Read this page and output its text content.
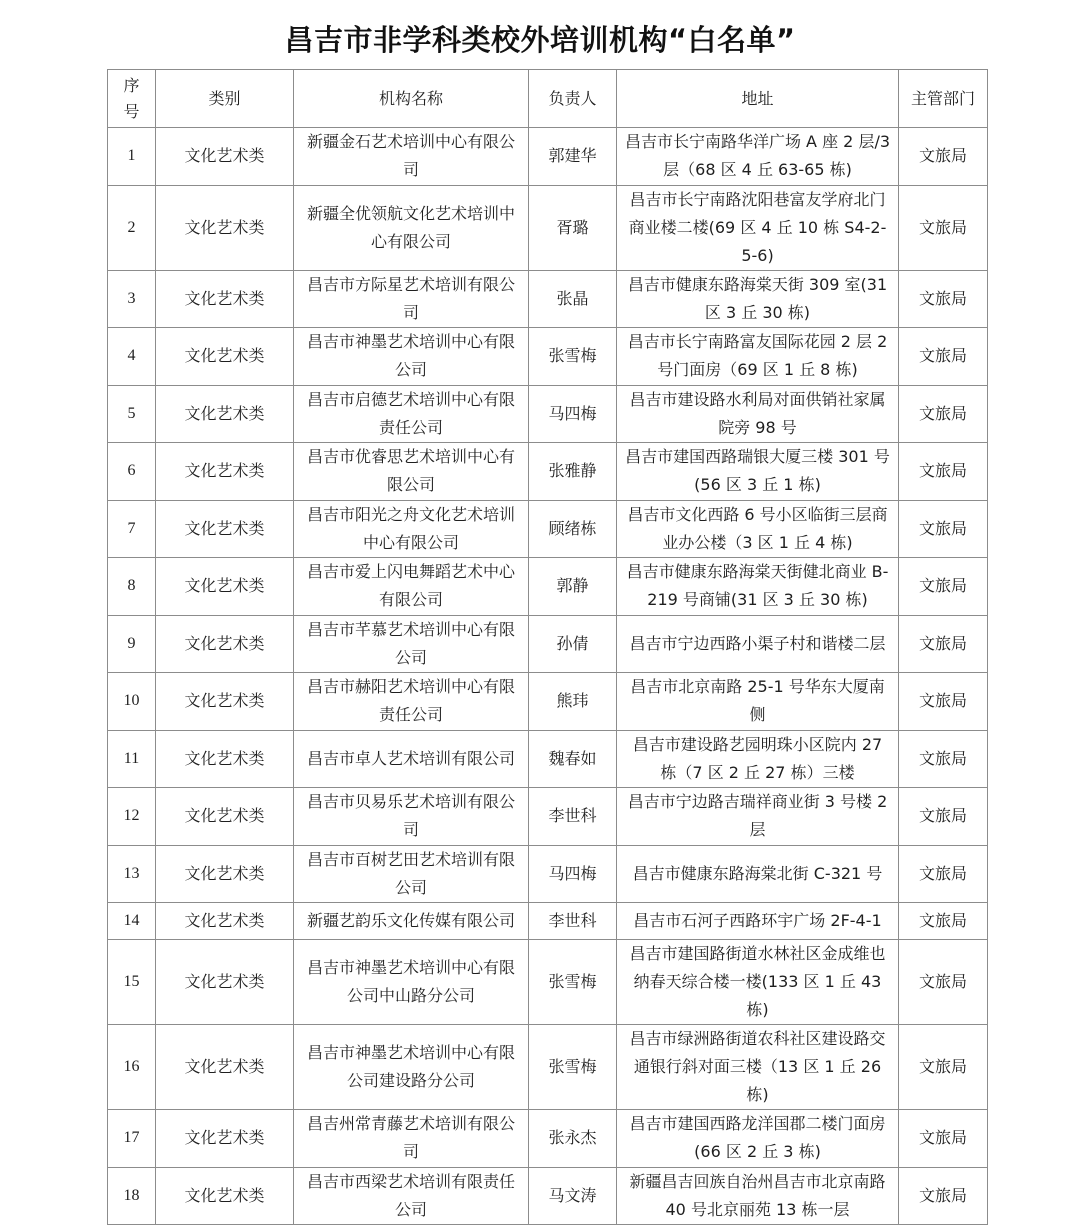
昌吉市非学科类校外培训机构“白名单”
序
号	类别	机构名称	负责人	地址	主管部门
1	文化艺术类	新疆金石艺术培训中心有限公司	郭建华	昌吉市长宁南路华洋广场 A 座 2 层/3 层（68 区 4 丘 63-65 栋)	文旅局
2	文化艺术类	新疆全优领航文化艺术培训中心有限公司	胥璐	昌吉市长宁南路沈阳巷富友学府北门商业楼二楼(69 区 4 丘 10 栋 S4-2-5-6)	文旅局
3	文化艺术类	昌吉市方际星艺术培训有限公司	张晶	昌吉市健康东路海棠天街 309 室(31 区 3 丘 30 栋)	文旅局
4	文化艺术类	昌吉市神墨艺术培训中心有限公司	张雪梅	昌吉市长宁南路富友国际花园 2 层 2 号门面房（69 区 1 丘 8 栋)	文旅局
5	文化艺术类	昌吉市启德艺术培训中心有限责任公司	马四梅	昌吉市建设路水利局对面供销社家属院旁 98 号	文旅局
6	文化艺术类	昌吉市优睿思艺术培训中心有限公司	张雅静	昌吉市建国西路瑞银大厦三楼 301 号 (56 区 3 丘 1 栋)	文旅局
7	文化艺术类	昌吉市阳光之舟文化艺术培训中心有限公司	顾绪栋	昌吉市文化西路 6 号小区临街三层商业办公楼（3 区 1 丘 4 栋)	文旅局
8	文化艺术类	昌吉市爱上闪电舞蹈艺术中心有限公司	郭静	昌吉市健康东路海棠天街健北商业 B-219 号商铺(31 区 3 丘 30 栋)	文旅局
9	文化艺术类	昌吉市芊慕艺术培训中心有限公司	孙倩	昌吉市宁边西路小渠子村和谐楼二层	文旅局
10	文化艺术类	昌吉市赫阳艺术培训中心有限责任公司	熊玮	昌吉市北京南路 25-1 号华东大厦南侧	文旅局
11	文化艺术类	昌吉市卓人艺术培训有限公司	魏春如	昌吉市建设路艺园明珠小区院内 27 栋（7 区 2 丘 27 栋）三楼	文旅局
12	文化艺术类	昌吉市贝易乐艺术培训有限公司	李世科	昌吉市宁边路吉瑞祥商业街 3 号楼 2 层	文旅局
13	文化艺术类	昌吉市百树艺田艺术培训有限公司	马四梅	昌吉市健康东路海棠北街 C-321 号	文旅局
14	文化艺术类	新疆艺韵乐文化传媒有限公司	李世科	昌吉市石河子西路环宇广场 2F-4-1	文旅局
15	文化艺术类	昌吉市神墨艺术培训中心有限公司中山路分公司	张雪梅	昌吉市建国路街道水林社区金成维也纳春天综合楼一楼(133 区 1 丘 43 栋)	文旅局
16	文化艺术类	昌吉市神墨艺术培训中心有限公司建设路分公司	张雪梅	昌吉市绿洲路街道农科社区建设路交通银行斜对面三楼（13 区 1 丘 26 栋)	文旅局
17	文化艺术类	昌吉州常青藤艺术培训有限公司	张永杰	昌吉市建国西路龙洋国郡二楼门面房 (66 区 2 丘 3 栋)	文旅局
18	文化艺术类	昌吉市西梁艺术培训有限责任公司	马文涛	新疆昌吉回族自治州昌吉市北京南路 40 号北京丽苑 13 栋一层	文旅局
